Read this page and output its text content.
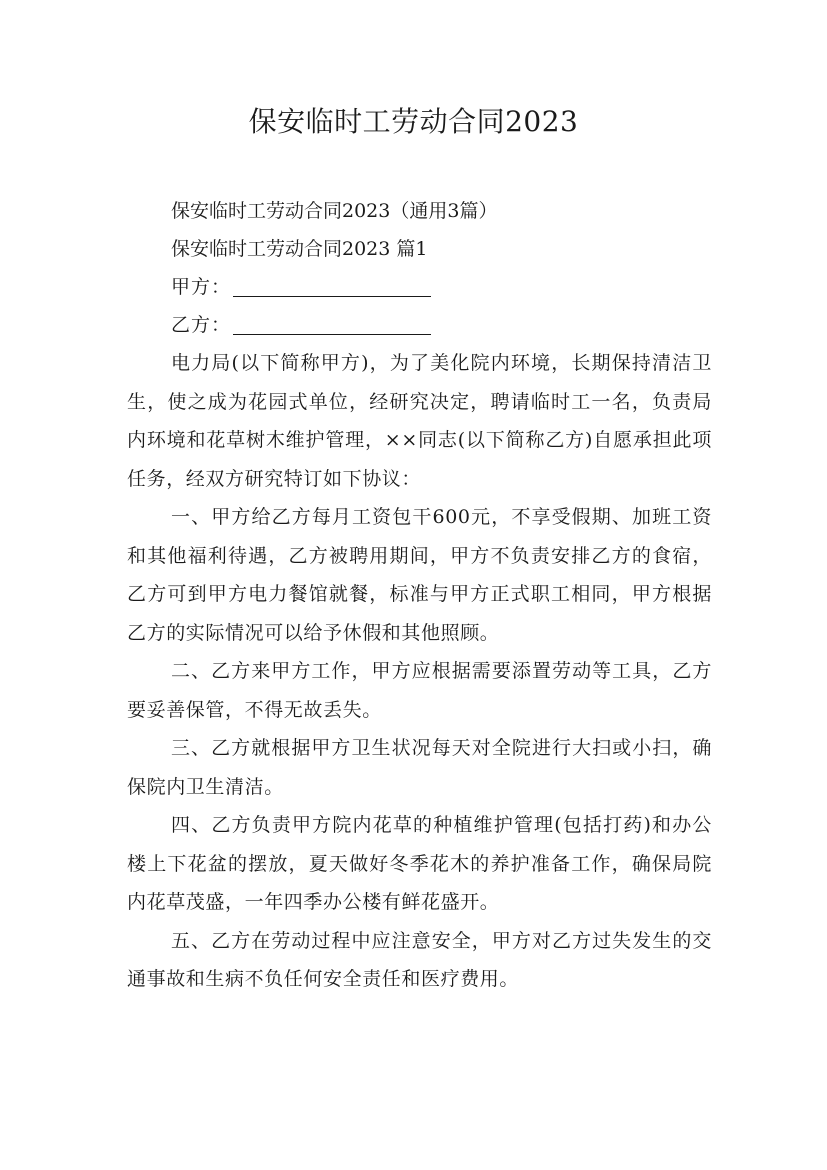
保安临时工劳动合同2023

保安临时工劳动合同2023（通用3篇）

保安临时工劳动合同2023 篇1

甲方：

乙方：

电力局(以下简称甲方)，为了美化院内环境，长期保持清洁卫生，使之成为花园式单位，经研究决定，聘请临时工一名，负责局内环境和花草树木维护管理，××同志(以下简称乙方)自愿承担此项任务，经双方研究特订如下协议：

一、甲方给乙方每月工资包干600元，不享受假期、加班工资和其他福利待遇，乙方被聘用期间，甲方不负责安排乙方的食宿，乙方可到甲方电力餐馆就餐，标准与甲方正式职工相同，甲方根据乙方的实际情况可以给予休假和其他照顾。

二、乙方来甲方工作，甲方应根据需要添置劳动等工具，乙方要妥善保管，不得无故丢失。

三、乙方就根据甲方卫生状况每天对全院进行大扫或小扫，确保院内卫生清洁。

四、乙方负责甲方院内花草的种植维护管理(包括打药)和办公楼上下花盆的摆放，夏天做好冬季花木的养护准备工作，确保局院内花草茂盛，一年四季办公楼有鲜花盛开。

五、乙方在劳动过程中应注意安全，甲方对乙方过失发生的交通事故和生病不负任何安全责任和医疗费用。
